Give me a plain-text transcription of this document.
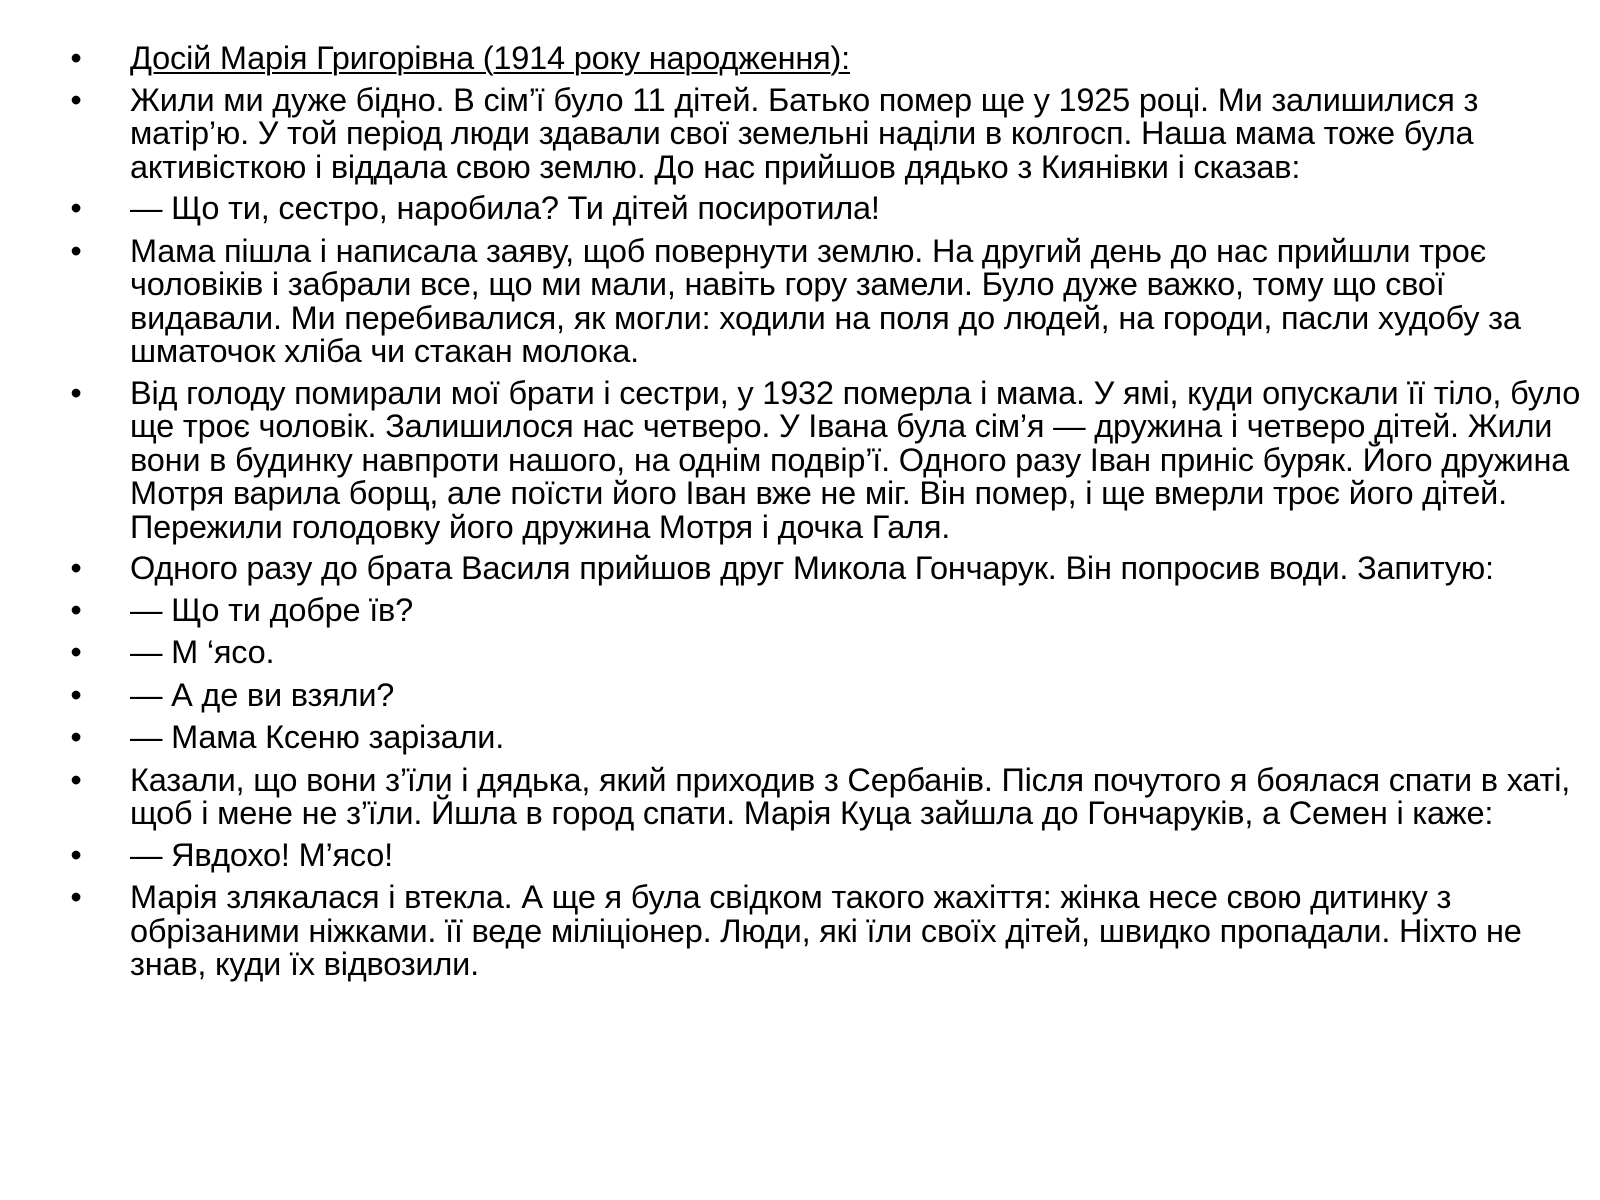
• Досій Марія Григорівна (1914 року народження):
• Жили ми дуже бідно. В сім’ї було 11 дітей. Батько помер ще у 1925 році. Ми залишилися з матір’ю. У той період люди здавали свої земельні наділи в колгосп. Наша мама тоже була активісткою і віддала свою землю. До нас прийшов дядько з Киянівки і сказав:
• — Що ти, сестро, наробила? Ти дітей посиротила!
• Мама пішла і написала заяву, щоб повернути землю. На другий день до нас прийшли троє чоловіків і забрали все, що ми мали, навіть гору замели. Було дуже важко, тому що свої видавали. Ми перебивалися, як могли: ходили на поля до людей, на городи, пасли худобу за шматочок хліба чи стакан молока.
• Від голоду помирали мої брати і сестри, у 1932 померла і мама. У ямі, куди опускали її тіло, було ще троє чоловік. Залишилося нас четверо. У Івана була сім’я — дружина і четверо дітей. Жили вони в будинку навпроти нашого, на однім подвір’ї. Одного разу Іван приніс буряк. Його дружина Мотря варила борщ, але поїсти його Іван вже не міг. Він помер, і ще вмерли троє його дітей. Пережили голодовку його дружина Мотря і дочка Галя.
• Одного разу до брата Василя прийшов друг Микола Гончарук. Він попросив води. Запитую:
• — Що ти добре їв?
• — М ‘ясо.
• — А де ви взяли?
• — Мама Ксеню зарізали.
• Казали, що вони з’їли і дядька, який приходив з Сербанів. Після почутого я боялася спати в хаті, щоб і мене не з’їли. Йшла в город спати. Марія Куца зайшла до Гончаруків, а Семен і каже:
• — Явдохо! М’ясо!
• Марія злякалася і втекла. А ще я була свідком такого жахіття: жінка несе свою дитинку з обрізаними ніжками. її веде міліціонер. Люди, які їли своїх дітей, швидко пропадали. Ніхто не знав, куди їх відвозили.
